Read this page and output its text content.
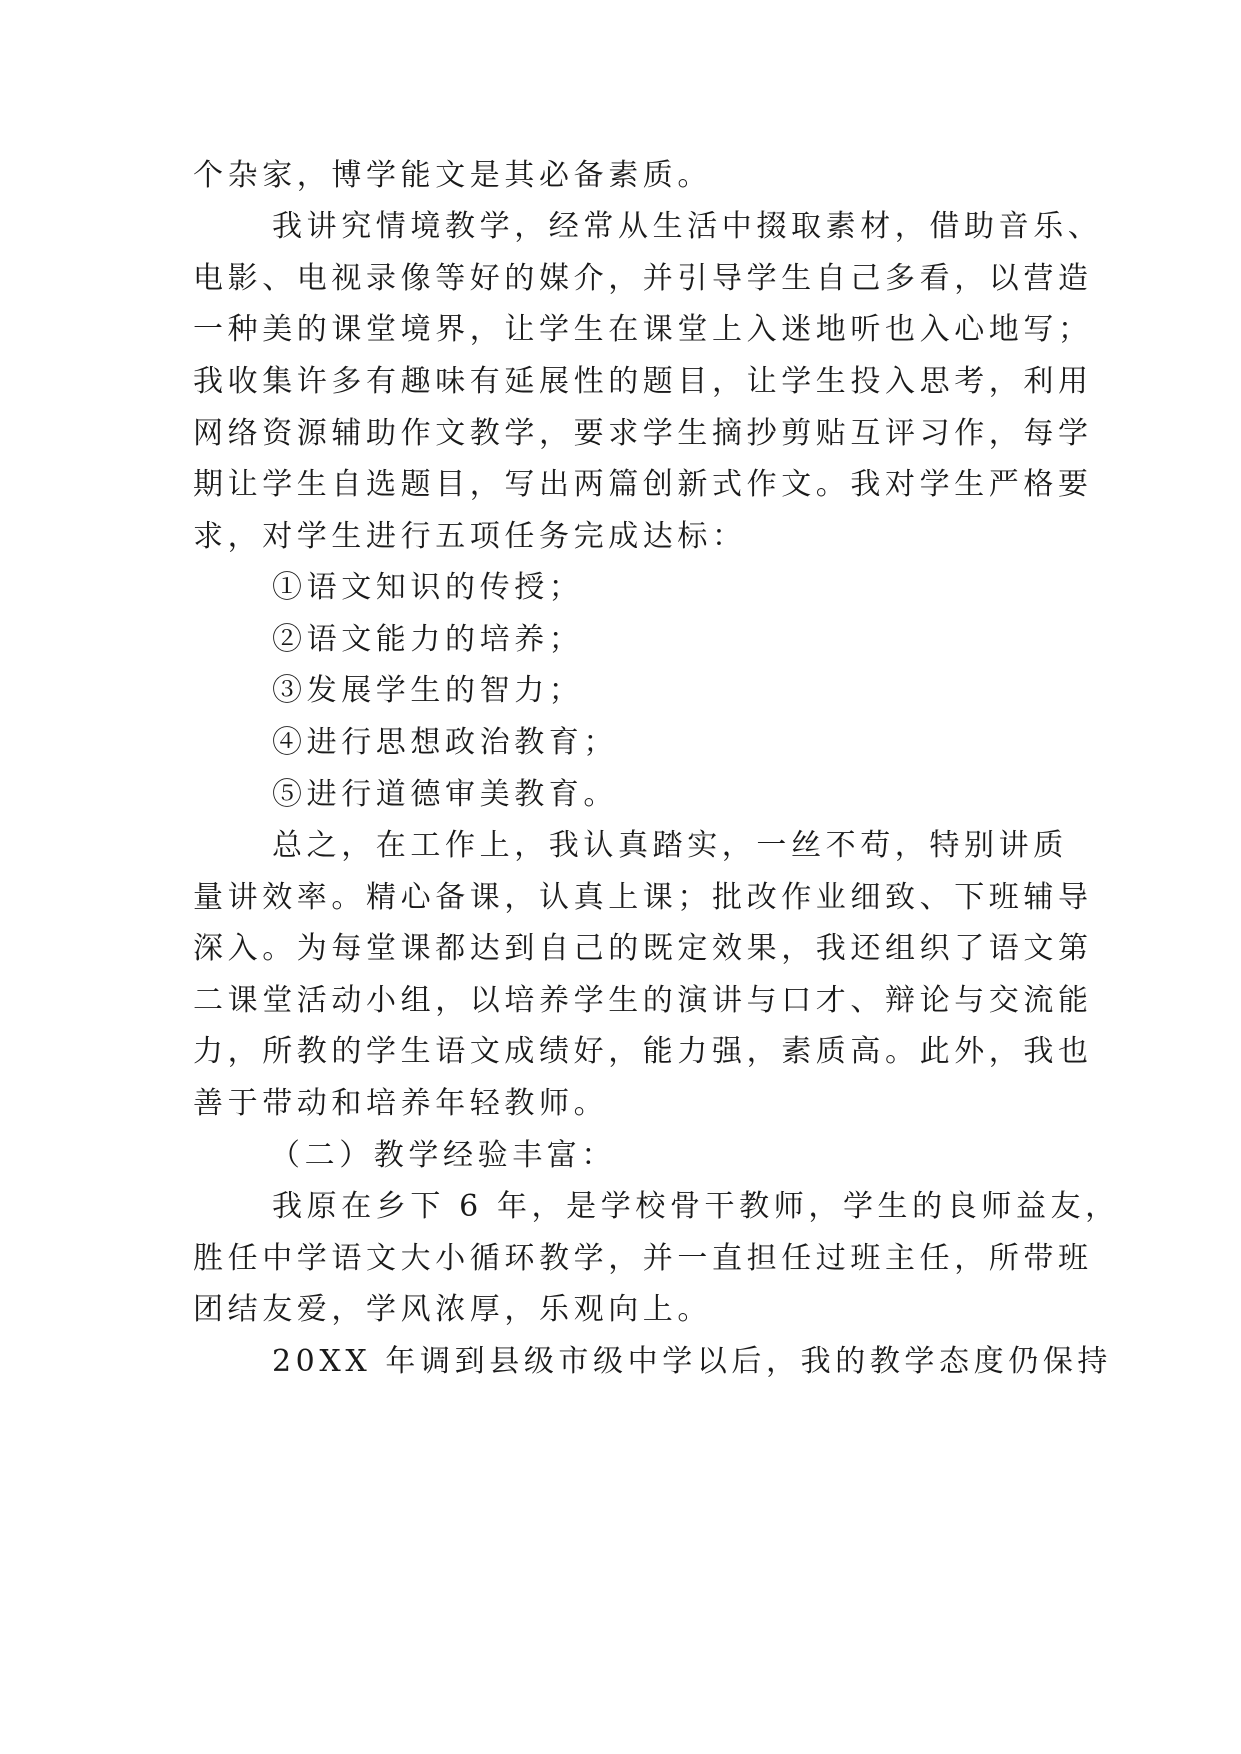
个杂家，博学能文是其必备素质。
我讲究情境教学，经常从生活中掇取素材，借助音乐、
电影、电视录像等好的媒介，并引导学生自己多看，以营造
一种美的课堂境界，让学生在课堂上入迷地听也入心地写；
我收集许多有趣味有延展性的题目，让学生投入思考，利用
网络资源辅助作文教学，要求学生摘抄剪贴互评习作，每学
期让学生自选题目，写出两篇创新式作文。我对学生严格要
求，对学生进行五项任务完成达标：
①语文知识的传授；
②语文能力的培养；
③发展学生的智力；
④进行思想政治教育；
⑤进行道德审美教育。
总之，在工作上，我认真踏实，一丝不苟，特别讲质
量讲效率。精心备课，认真上课；批改作业细致、下班辅导
深入。为每堂课都达到自己的既定效果，我还组织了语文第
二课堂活动小组，以培养学生的演讲与口才、辩论与交流能
力，所教的学生语文成绩好，能力强，素质高。此外，我也
善于带动和培养年轻教师。
（二）教学经验丰富：
我原在乡下 6 年，是学校骨干教师，学生的良师益友，
胜任中学语文大小循环教学，并一直担任过班主任，所带班
团结友爱，学风浓厚，乐观向上。
20XX 年调到县级市级中学以后，我的教学态度仍保持
